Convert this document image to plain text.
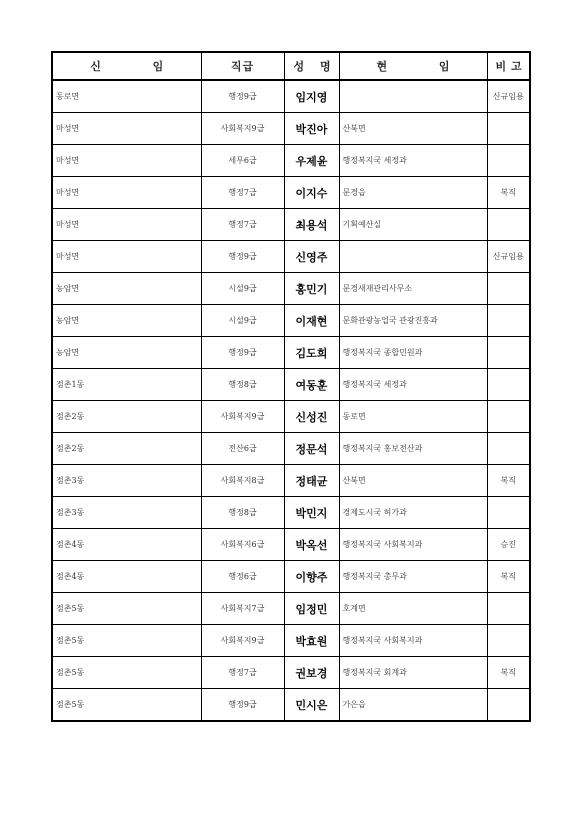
신 임	직급	성 명	현 임	비고
동로면	행정9급	임지영		신규임용
마성면	사회복지9급	박진아	산북면	
마성면	세무6급	우제윤	행정복지국 세정과	
마성면	행정7급	이지수	문경읍	복직
마성면	행정7급	최용석	기획예산실	
마성면	행정9급	신영주		신규임용
농암면	시설9급	홍민기	문경새재관리사무소	
농암면	시설9급	이재현	문화관광농업국 관광진흥과	
농암면	행정9급	김도희	행정복지국 종합민원과	
점촌1동	행정8급	여동훈	행정복지국 세정과	
점촌2동	사회복지9급	신성진	동로면	
점촌2동	전산6급	정문석	행정복지국 홍보전산과	
점촌3동	사회복지8급	정태균	산북면	복직
점촌3동	행정8급	박민지	경제도시국 허가과	
점촌4동	사회복지6급	박옥선	행정복지국 사회복지과	승진
점촌4동	행정6급	이향주	행정복지국 총무과	복직
점촌5동	사회복지7급	임정민	호계면	
점촌5동	사회복지9급	박효원	행정복지국 사회복지과	
점촌5동	행정7급	권보경	행정복지국 회계과	복직
점촌5동	행정9급	민시은	가은읍	
